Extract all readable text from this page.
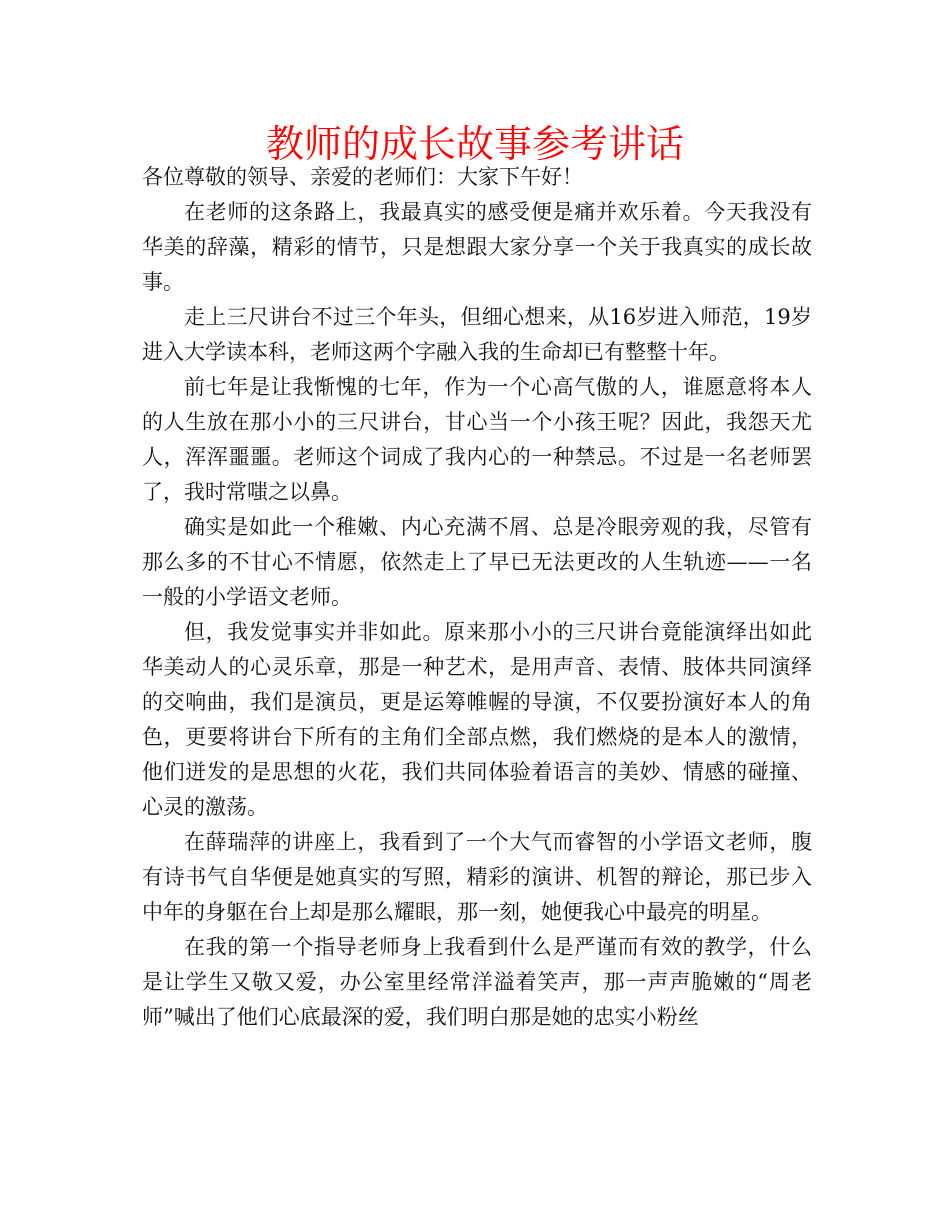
教师的成长故事参考讲话

各位尊敬的领导、亲爱的老师们：大家下午好！

在老师的这条路上，我最真实的感受便是痛并欢乐着。今天我没有华美的辞藻，精彩的情节，只是想跟大家分享一个关于我真实的成长故事。

走上三尺讲台不过三个年头，但细心想来，从16岁进入师范，19岁进入大学读本科，老师这两个字融入我的生命却已有整整十年。

前七年是让我惭愧的七年，作为一个心高气傲的人，谁愿意将本人的人生放在那小小的三尺讲台，甘心当一个小孩王呢？因此，我怨天尤人，浑浑噩噩。老师这个词成了我内心的一种禁忌。不过是一名老师罢了，我时常嗤之以鼻。

确实是如此一个稚嫩、内心充满不屑、总是冷眼旁观的我，尽管有那么多的不甘心不情愿，依然走上了早已无法更改的人生轨迹——一名一般的小学语文老师。

但，我发觉事实并非如此。原来那小小的三尺讲台竟能演绎出如此华美动人的心灵乐章，那是一种艺术，是用声音、表情、肢体共同演绎的交响曲，我们是演员，更是运筹帷幄的导演，不仅要扮演好本人的角色，更要将讲台下所有的主角们全部点燃，我们燃烧的是本人的激情，他们迸发的是思想的火花，我们共同体验着语言的美妙、情感的碰撞、心灵的激荡。

在薛瑞萍的讲座上，我看到了一个大气而睿智的小学语文老师，腹有诗书气自华便是她真实的写照，精彩的演讲、机智的辩论，那已步入中年的身躯在台上却是那么耀眼，那一刻，她便我心中最亮的明星。

在我的第一个指导老师身上我看到什么是严谨而有效的教学，什么是让学生又敬又爱，办公室里经常洋溢着笑声，那一声声脆嫩的“周老师”喊出了他们心底最深的爱，我们明白那是她的忠实小粉丝
